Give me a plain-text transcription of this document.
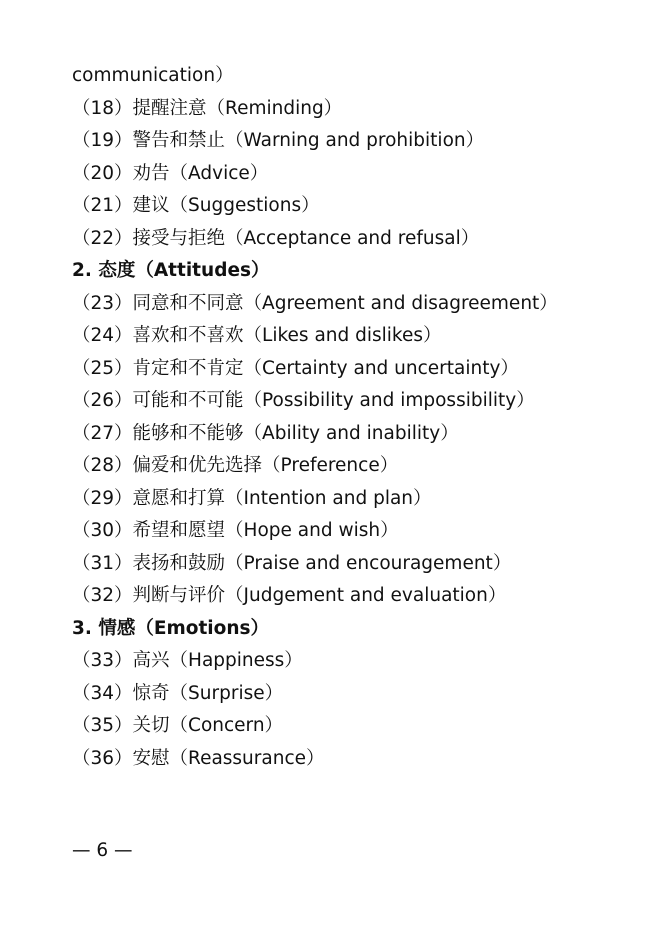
communication）
（18）提醒注意（Reminding）
（19）警告和禁止（Warning and prohibition）
（20）劝告（Advice）
（21）建议（Suggestions）
（22）接受与拒绝（Acceptance and refusal）
2. 态度（Attitudes）
（23）同意和不同意（Agreement and disagreement）
（24）喜欢和不喜欢（Likes and dislikes）
（25）肯定和不肯定（Certainty and uncertainty）
（26）可能和不可能（Possibility and impossibility）
（27）能够和不能够（Ability and inability）
（28）偏爱和优先选择（Preference）
（29）意愿和打算（Intention and plan）
（30）希望和愿望（Hope and wish）
（31）表扬和鼓励（Praise and encouragement）
（32）判断与评价（Judgement and evaluation）
3. 情感（Emotions）
（33）高兴（Happiness）
（34）惊奇（Surprise）
（35）关切（Concern）
（36）安慰（Reassurance）
— 6 —
